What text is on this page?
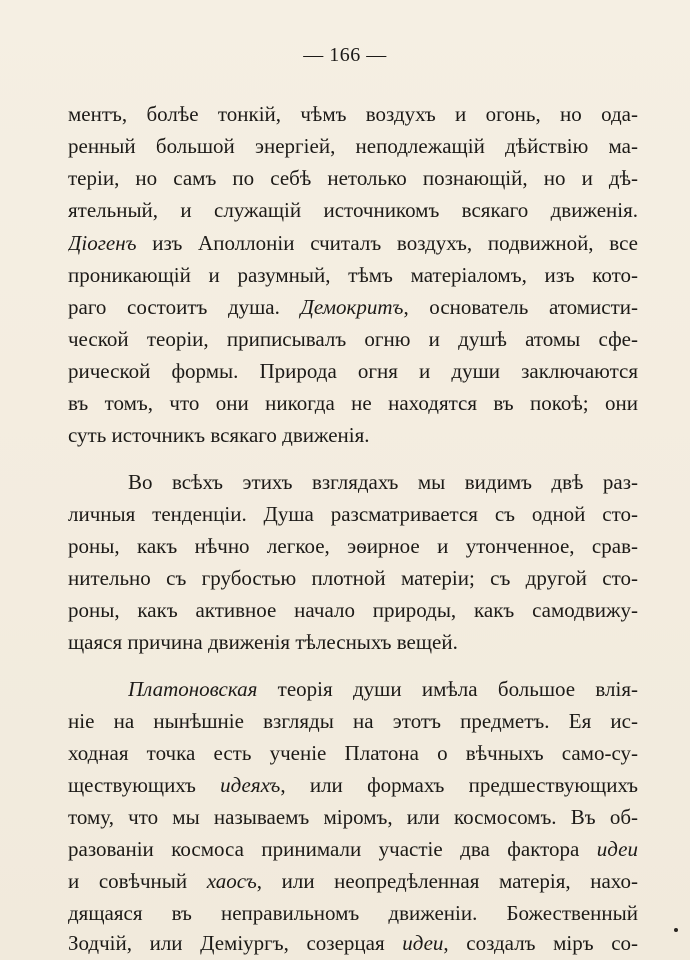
— 166 —
ментъ, болѣе тонкій, чѣмъ воздухъ и огонь, но ода-
ренный большой энергіей, неподлежащій дѣйствію ма-
теріи, но самъ по себѣ нетолько познающій, но и дѣ-
ятельный, и служащій источникомъ всякаго движенія.
Діогенъ изъ Аполлоніи считалъ воздухъ, подвижной, все
проникающій и разумный, тѣмъ матеріаломъ, изъ кото-
раго состоитъ душа. Демокритъ, основатель атомисти-
ческой теоріи, приписывалъ огню и душѣ атомы сфе-
рической формы. Природа огня и души заключаются
въ томъ, что они никогда не находятся въ покоѣ; они
суть источникъ всякаго движенія.
Во всѣхъ этихъ взглядахъ мы видимъ двѣ раз-
личныя тенденціи. Душа разсматривается съ одной сто-
роны, какъ нѣчно легкое, эѳирное и утонченное, срав-
нительно съ грубостью плотной матеріи; съ другой сто-
роны, какъ активное начало природы, какъ самодвижу-
щаяся причина движенія тѣлесныхъ вещей.
Платоновская теорія души имѣла большое влія-
ніе на нынѣшніе взгляды на этотъ предметъ. Ея ис-
ходная точка есть ученіе Платона о вѣчныхъ само-су-
ществующихъ идеяхъ, или формахъ предшествующихъ
тому, что мы называемъ міромъ, или космосомъ. Въ об-
разованіи космоса принимали участіе два фактора идеи
и совѣчный хаосъ, или неопредѣленная матерія, нахо-
дящаяся въ неправильномъ движеніи. Божественный
Зодчій, или Деміургъ, созерцая идеи, создалъ міръ со-
